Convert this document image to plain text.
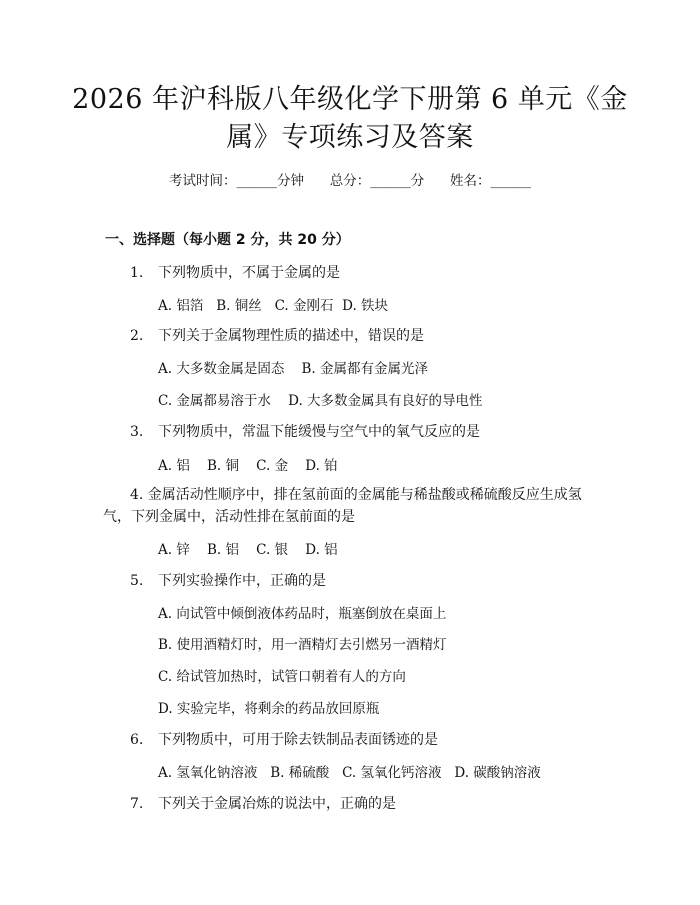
2026 年沪科版八年级化学下册第 6 单元《金
属》专项练习及答案
考试时间：______分钟 总分：______分 姓名：______
一、选择题（每小题 2 分，共 20 分）
1. 下列物质中，不属于金属的是
A. 铝箔   B. 铜丝   C. 金刚石  D. 铁块
2. 下列关于金属物理性质的描述中，错误的是
A. 大多数金属是固态    B. 金属都有金属光泽
C. 金属都易溶于水    D. 大多数金属具有良好的导电性
3. 下列物质中，常温下能缓慢与空气中的氧气反应的是
A. 铝    B. 铜    C. 金    D. 铂
4. 金属活动性顺序中，排在氢前面的金属能与稀盐酸或稀硫酸反应生成氢
气，下列金属中，活动性排在氢前面的是
A. 锌    B. 铝    C. 银    D. 铝
5. 下列实验操作中，正确的是
A. 向试管中倾倒液体药品时，瓶塞倒放在桌面上
B. 使用酒精灯时，用一酒精灯去引燃另一酒精灯
C. 给试管加热时，试管口朝着有人的方向
D. 实验完毕，将剩余的药品放回原瓶
6. 下列物质中，可用于除去铁制品表面锈迹的是
A. 氢氧化钠溶液   B. 稀硫酸   C. 氢氧化钙溶液   D. 碳酸钠溶液
7. 下列关于金属冶炼的说法中，正确的是
